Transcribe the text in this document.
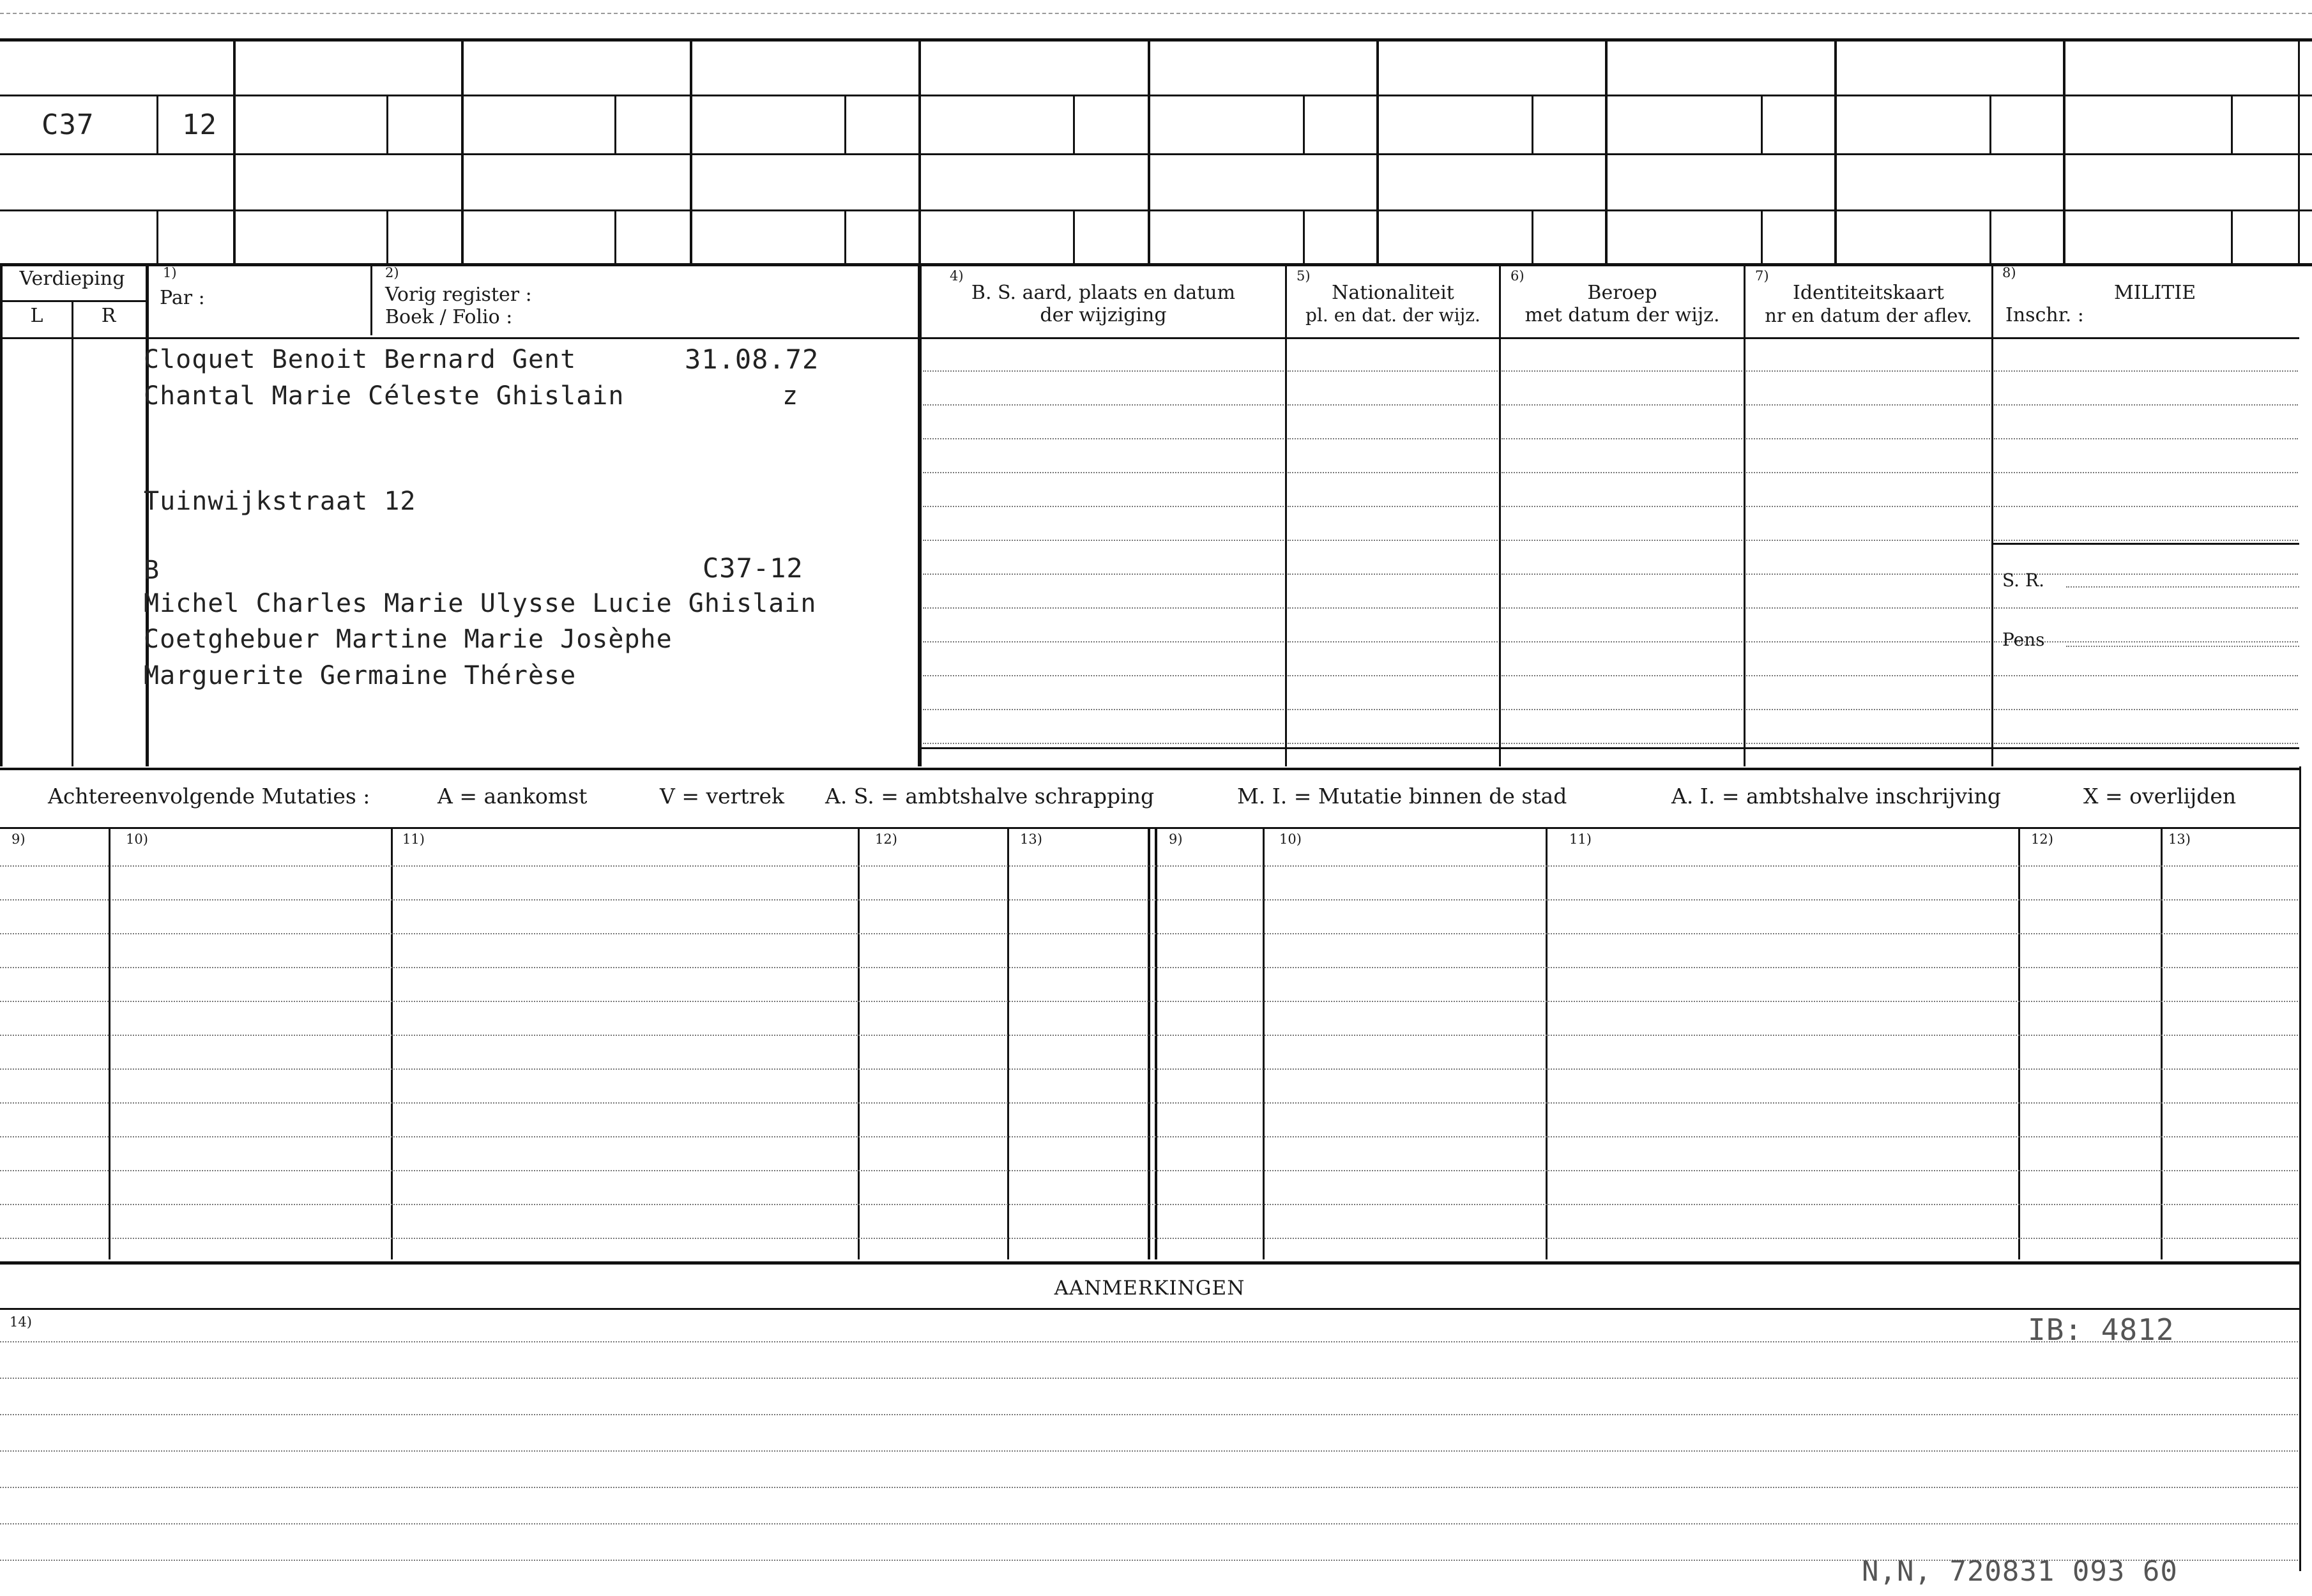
C37	12
Verdieping
L	R
1)
Par :
2)
Vorig register :
Boek / Folio :
4)
B. S. aard, plaats en datum
der wijziging
5)
Nationaliteit
pl. en dat. der wijz.
6)
Beroep
met datum der wijz.
7)
Identiteitskaart
nr en datum der aflev.
8)
MILITIE
Inschr. :
S. R.
Pens
Cloquet Benoit Bernard Gent	31.08.72
Chantal Marie Céleste Ghislain	z
Tuinwijkstraat 12
B	C37-12
Michel Charles Marie Ulysse Lucie Ghislain
Coetghebuer Martine Marie Josèphe
Marguerite Germaine Thérèse
Achtereenvolgende Mutaties :	A = aankomst	V = vertrek A. S. = ambtshalve schrapping	M. I. = Mutatie binnen de stad	A. I. = ambtshalve inschrijving	X = overlijden
9)	10)	11)	12)	13)	9)	10)	11)	12)	13)
AANMERKINGEN
14)	IB: 4812
N,N, 720831 093 60
